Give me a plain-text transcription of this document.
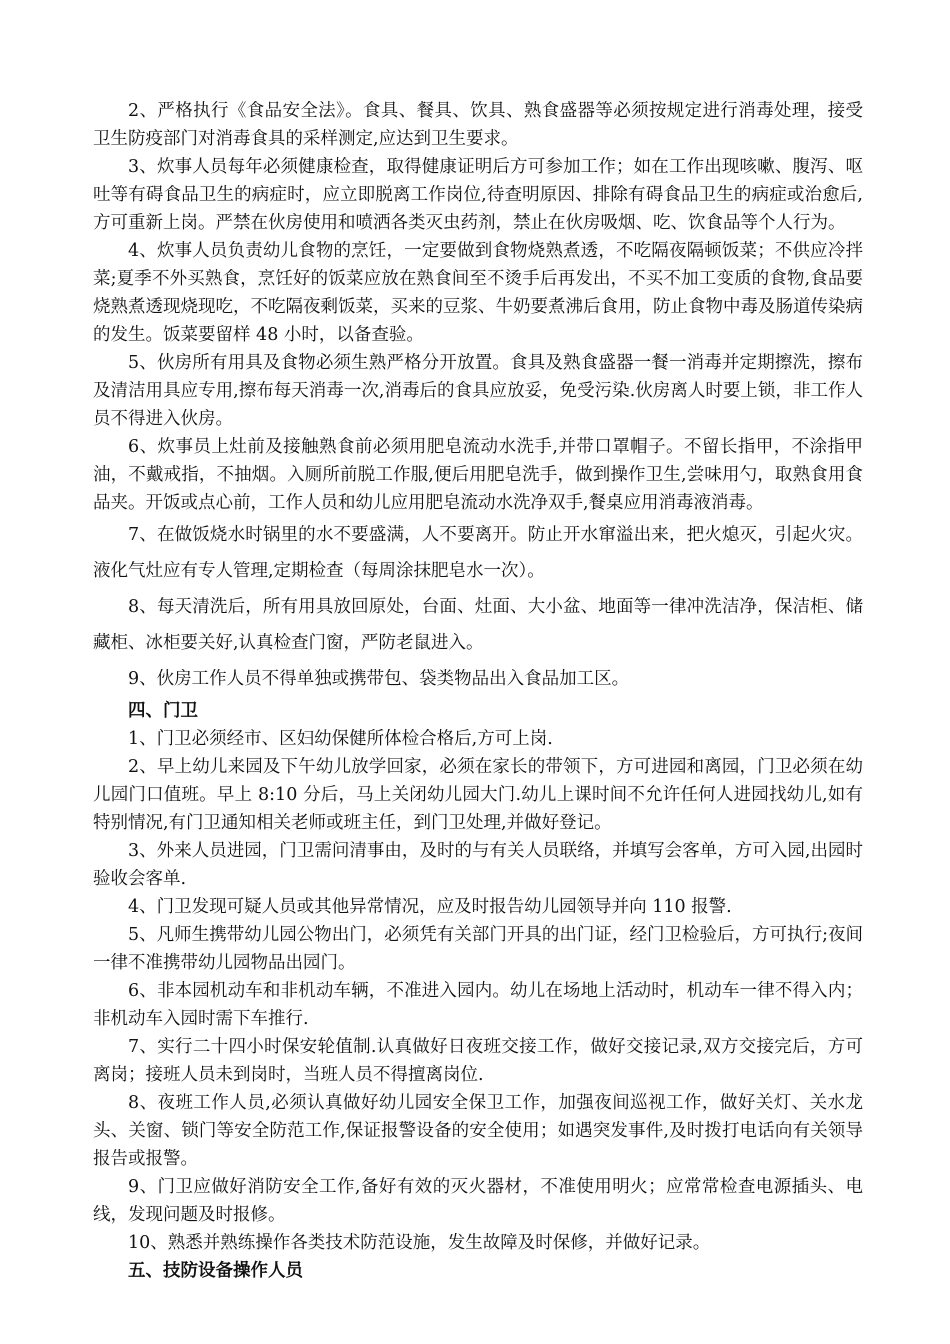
2、严格执行《食品安全法》。食具、餐具、饮具、熟食盛器等必须按规定进行消毒处理，接受卫生防疫部门对消毒食具的采样测定,应达到卫生要求。

3、炊事人员每年必须健康检查，取得健康证明后方可参加工作；如在工作出现咳嗽、腹泻、呕吐等有碍食品卫生的病症时，应立即脱离工作岗位,待查明原因、排除有碍食品卫生的病症或治愈后,方可重新上岗。严禁在伙房使用和喷洒各类灭虫药剂，禁止在伙房吸烟、吃、饮食品等个人行为。

4、炊事人员负责幼儿食物的烹饪，一定要做到食物烧熟煮透，不吃隔夜隔顿饭菜；不供应冷拌菜;夏季不外买熟食，烹饪好的饭菜应放在熟食间至不烫手后再发出，不买不加工变质的食物,食品要烧熟煮透现烧现吃，不吃隔夜剩饭菜，买来的豆浆、牛奶要煮沸后食用，防止食物中毒及肠道传染病的发生。饭菜要留样 48 小时，以备查验。

5、伙房所有用具及食物必须生熟严格分开放置。食具及熟食盛器一餐一消毒并定期擦洗，擦布及清洁用具应专用,擦布每天消毒一次,消毒后的食具应放妥，免受污染.伙房离人时要上锁，非工作人员不得进入伙房。

6、炊事员上灶前及接触熟食前必须用肥皂流动水洗手,并带口罩帽子。不留长指甲，不涂指甲油，不戴戒指，不抽烟。入厕所前脱工作服,便后用肥皂洗手，做到操作卫生,尝味用勺，取熟食用食品夹。开饭或点心前，工作人员和幼儿应用肥皂流动水洗净双手,餐桌应用消毒液消毒。

7、在做饭烧水时锅里的水不要盛满，人不要离开。防止开水窜溢出来，把火熄灭，引起火灾。液化气灶应有专人管理,定期检查（每周涂抹肥皂水一次）。

8、每天清洗后，所有用具放回原处，台面、灶面、大小盆、地面等一律冲洗洁净，保洁柜、储藏柜、冰柜要关好,认真检查门窗，严防老鼠进入。

9、伙房工作人员不得单独或携带包、袋类物品出入食品加工区。

四、门卫

1、门卫必须经市、区妇幼保健所体检合格后,方可上岗.

2、早上幼儿来园及下午幼儿放学回家，必须在家长的带领下，方可进园和离园，门卫必须在幼儿园门口值班。早上 8:10 分后，马上关闭幼儿园大门.幼儿上课时间不允许任何人进园找幼儿,如有特别情况,有门卫通知相关老师或班主任，到门卫处理,并做好登记。

3、外来人员进园，门卫需问清事由，及时的与有关人员联络，并填写会客单，方可入园,出园时验收会客单.

4、门卫发现可疑人员或其他异常情况，应及时报告幼儿园领导并向 110 报警.

5、凡师生携带幼儿园公物出门，必须凭有关部门开具的出门证，经门卫检验后，方可执行;夜间一律不准携带幼儿园物品出园门。

6、非本园机动车和非机动车辆，不准进入园内。幼儿在场地上活动时，机动车一律不得入内；非机动车入园时需下车推行.

7、实行二十四小时保安轮值制.认真做好日夜班交接工作，做好交接记录,双方交接完后，方可离岗；接班人员未到岗时，当班人员不得擅离岗位.

8、夜班工作人员,必须认真做好幼儿园安全保卫工作，加强夜间巡视工作，做好关灯、关水龙头、关窗、锁门等安全防范工作,保证报警设备的安全使用；如遇突发事件,及时拨打电话向有关领导报告或报警。

9、门卫应做好消防安全工作,备好有效的灭火器材，不准使用明火；应常常检查电源插头、电线，发现问题及时报修。

10、熟悉并熟练操作各类技术防范设施，发生故障及时保修，并做好记录。

五、技防设备操作人员
